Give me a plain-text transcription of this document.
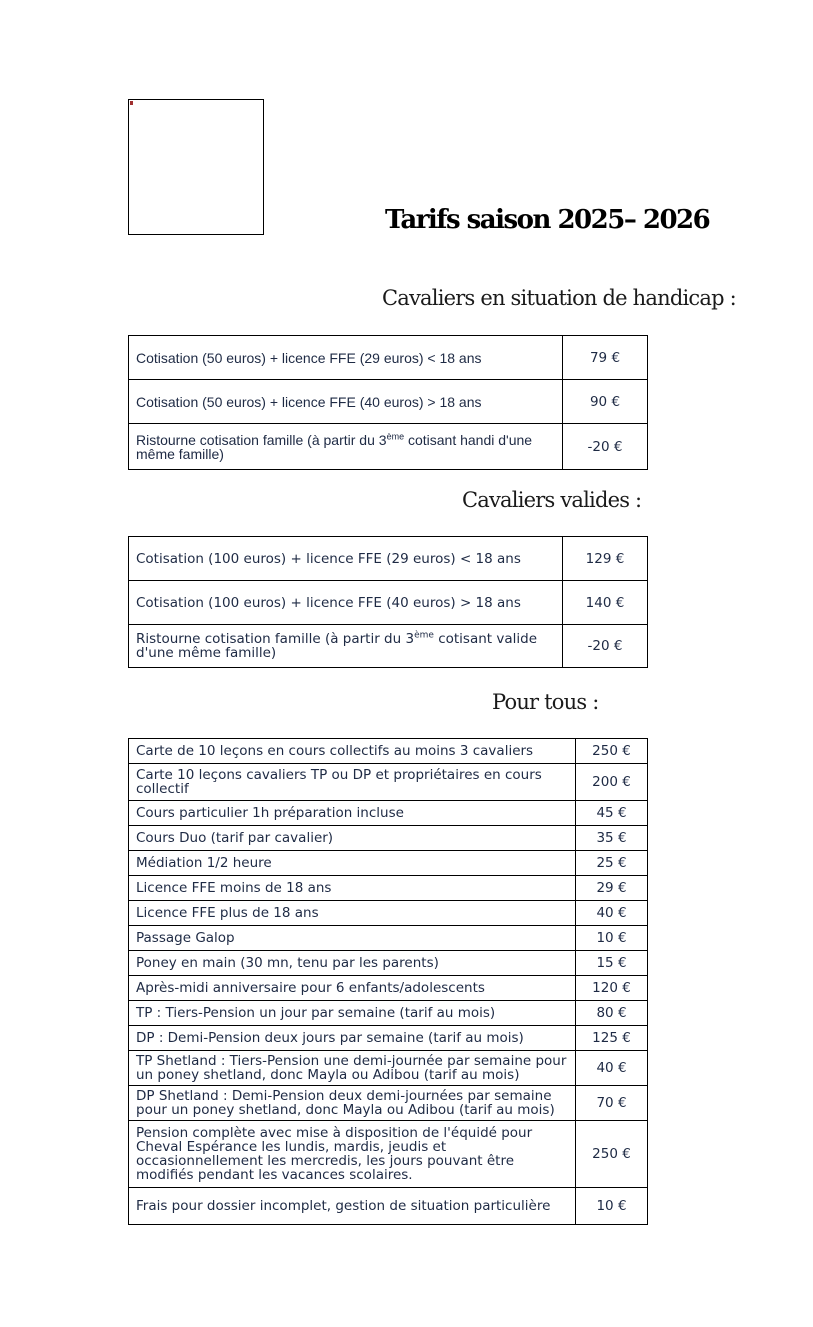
Tarifs saison 2025– 2026
Cavaliers en situation de handicap :
Cotisation (50 euros) + licence FFE (29 euros) < 18 ans	79 €
Cotisation (50 euros) + licence FFE (40 euros) > 18 ans	90 €
Ristourne cotisation famille (à partir du 3ème cotisant handi d'une même famille)	-20 €
Cavaliers valides :
Cotisation (100 euros) + licence FFE (29 euros) < 18 ans	129 €
Cotisation (100 euros) + licence FFE (40 euros) > 18 ans	140 €
Ristourne cotisation famille (à partir du 3ème cotisant valide d'une même famille)	-20 €
Pour tous :
Carte de 10 leçons en cours collectifs au moins 3 cavaliers	250 €
Carte 10 leçons cavaliers TP ou DP et propriétaires en cours collectif	200 €
Cours particulier 1h préparation incluse	45 €
Cours Duo (tarif par cavalier)	35 €
Médiation 1/2 heure	25 €
Licence FFE moins de 18 ans	29 €
Licence FFE plus de 18 ans	40 €
Passage Galop	10 €
Poney en main (30 mn, tenu par les parents)	15 €
Après-midi anniversaire pour 6 enfants/adolescents	120 €
TP : Tiers-Pension un jour par semaine (tarif au mois)	80 €
DP : Demi-Pension deux jours par semaine (tarif au mois)	125 €
TP Shetland : Tiers-Pension une demi-journée par semaine pour un poney shetland, donc Mayla ou Adibou (tarif au mois)	40 €
DP Shetland : Demi-Pension deux demi-journées par semaine pour un poney shetland, donc Mayla ou Adibou (tarif au mois)	70 €
Pension complète avec mise à disposition de l'équidé pour Cheval Espérance les lundis, mardis, jeudis et occasionnellement les mercredis, les jours pouvant être modifiés pendant les vacances scolaires.	250 €
Frais pour dossier incomplet, gestion de situation particulière	10 €
